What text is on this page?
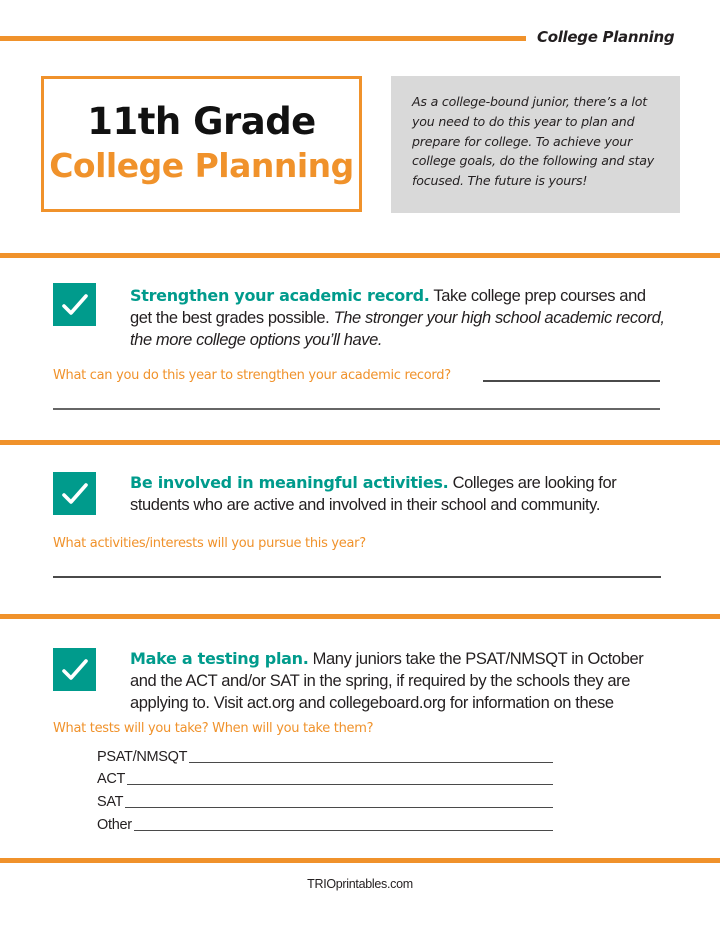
College Planning
11th Grade
College Planning
As a college-bound junior, there’s a lot you need to do this year to plan and prepare for college. To achieve your college goals, do the following and stay focused. The future is yours!
Strengthen your academic record. Take college prep courses and get the best grades possible. The stronger your high school academic record, the more college options you’ll have.
What can you do this year to strengthen your academic record?
Be involved in meaningful activities. Colleges are looking for students who are active and involved in their school and community.
What activities/interests will you pursue this year?
Make a testing plan. Many juniors take the PSAT/NMSQT in October and the ACT and/or SAT in the spring, if required by the schools they are applying to. Visit act.org and collegeboard.org for information on these
What tests will you take? When will you take them?
PSAT/NMSQT
ACT
SAT
Other
TRIOprintables.com
